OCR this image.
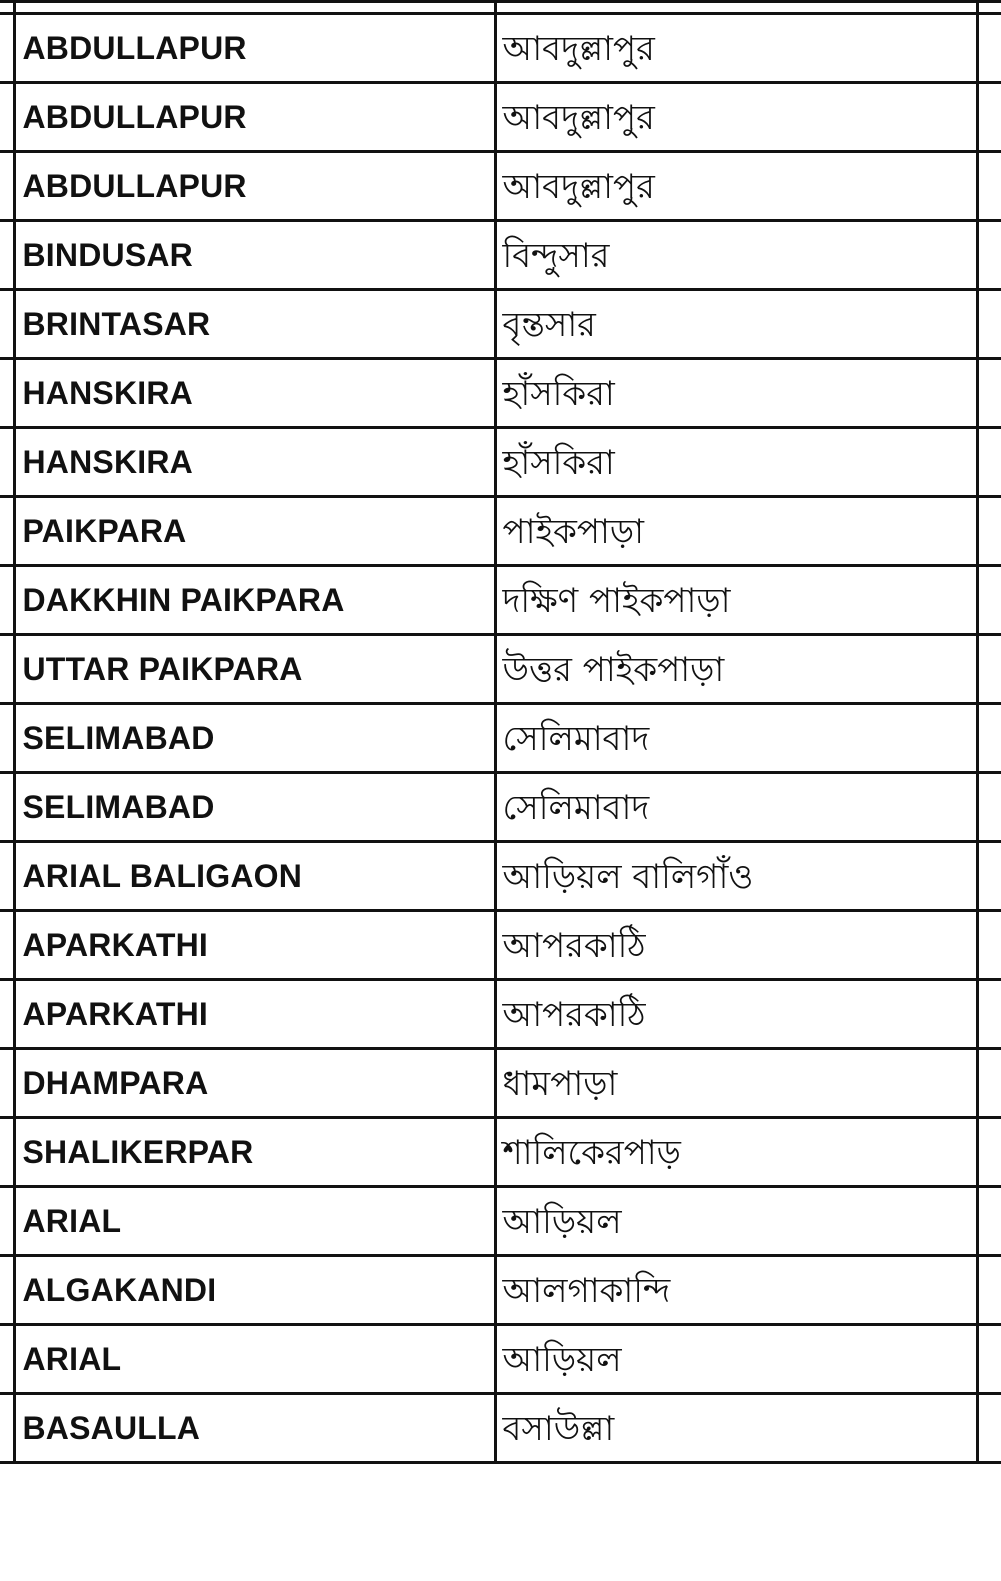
	ABDULLAPUR	আবদুল্লাপুর	
	ABDULLAPUR	আবদুল্লাপুর	
	ABDULLAPUR	আবদুল্লাপুর	
	BINDUSAR	বিন্দুসার	
	BRINTASAR	বৃন্তসার	
	HANSKIRA	হাঁসকিরা	
	HANSKIRA	হাঁসকিরা	
	PAIKPARA	পাইকপাড়া	
	DAKKHIN PAIKPARA	দক্ষিণ পাইকপাড়া	
	UTTAR PAIKPARA	উত্তর পাইকপাড়া	
	SELIMABAD	সেলিমাবাদ	
	SELIMABAD	সেলিমাবাদ	
	ARIAL BALIGAON	আড়িয়ল বালিগাঁও	
	APARKATHI	আপরকাঠি	
	APARKATHI	আপরকাঠি	
	DHAMPARA	ধামপাড়া	
	SHALIKERPAR	শালিকেরপাড়	
	ARIAL	আড়িয়ল	
	ALGAKANDI	আলগাকান্দি	
	ARIAL	আড়িয়ল	
	BASAULLA	বসাউল্লা	
